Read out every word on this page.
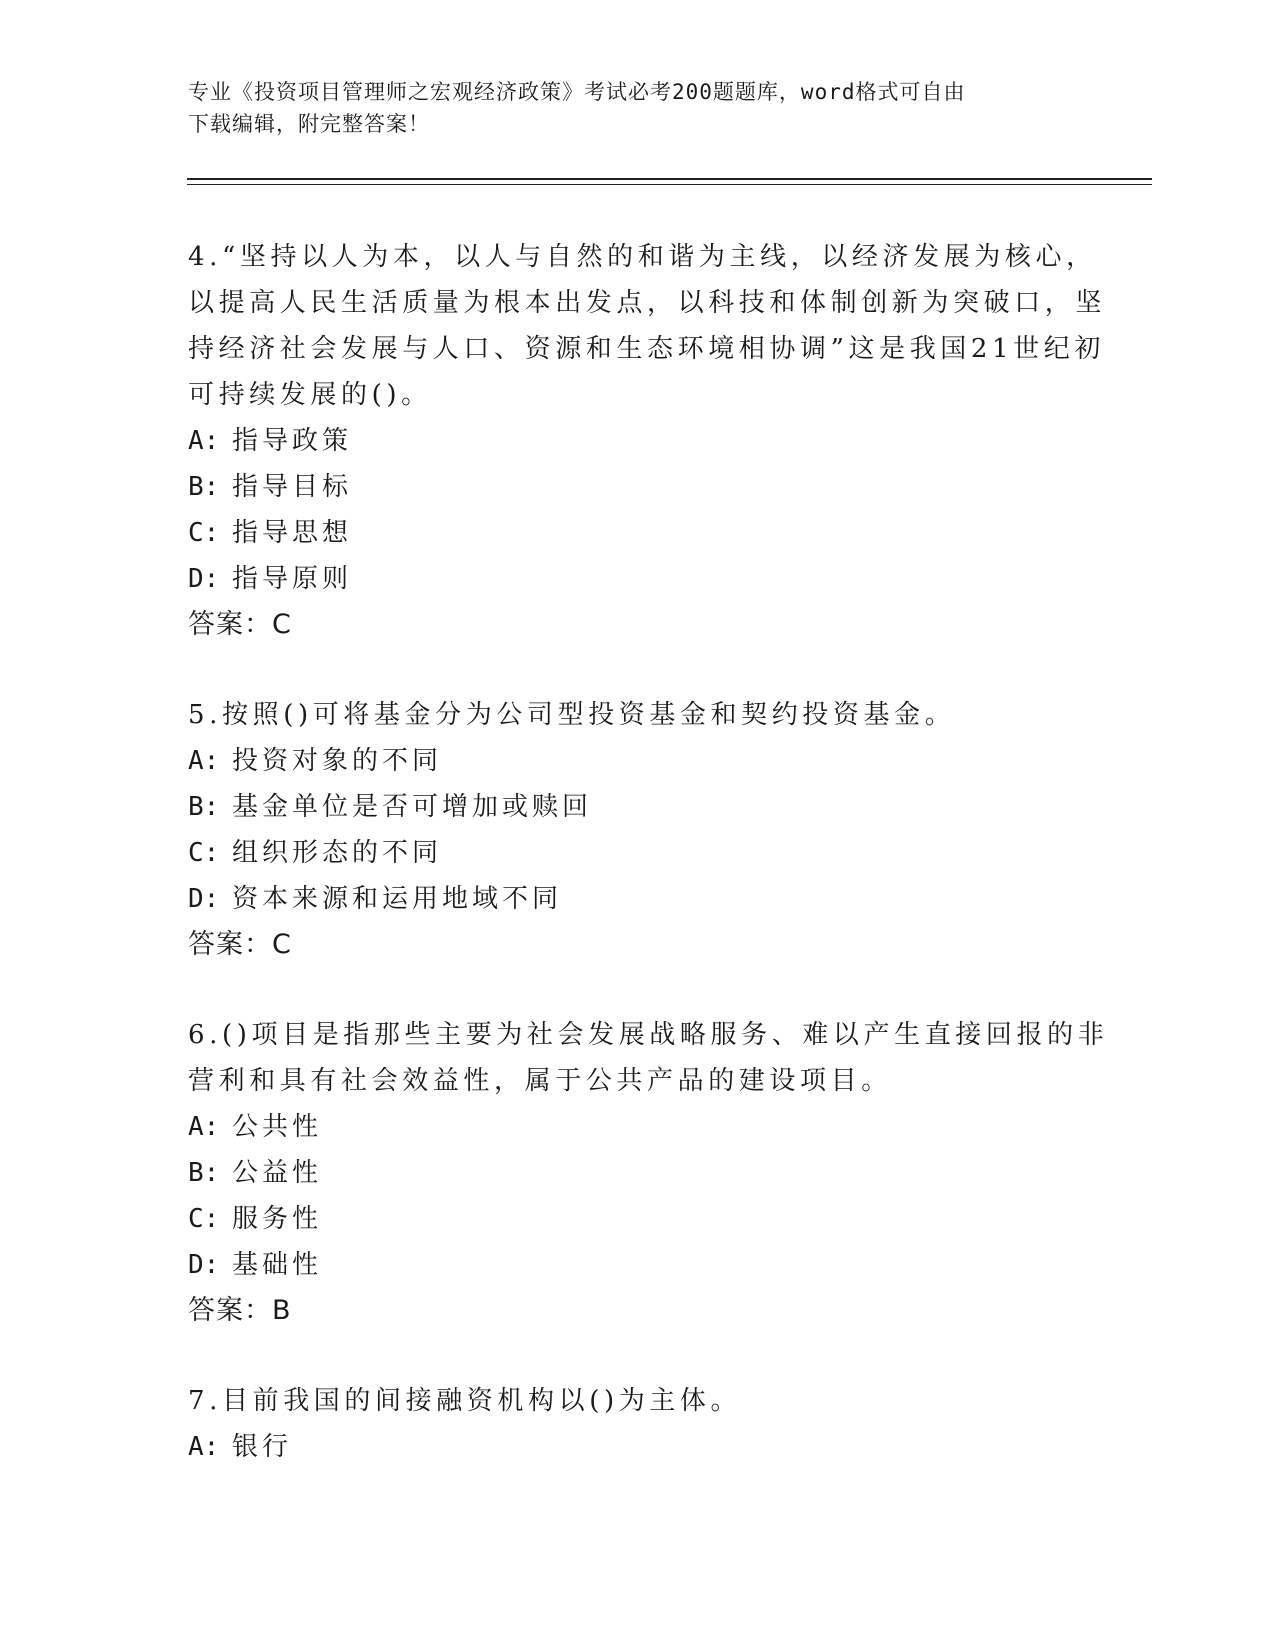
专业《投资项目管理师之宏观经济政策》考试必考200题题库，word格式可自由
下载编辑，附完整答案！
4.“坚持以人为本，以人与自然的和谐为主线，以经济发展为核心，
以提高人民生活质量为根本出发点，以科技和体制创新为突破口，坚
持经济社会发展与人口、资源和生态环境相协调”这是我国21世纪初
可持续发展的()。
A: 指导政策
B: 指导目标
C: 指导思想
D: 指导原则
答案：C
5.按照()可将基金分为公司型投资基金和契约投资基金。
A: 投资对象的不同
B: 基金单位是否可增加或赎回
C: 组织形态的不同
D: 资本来源和运用地域不同
答案：C
6.()项目是指那些主要为社会发展战略服务、难以产生直接回报的非
营利和具有社会效益性，属于公共产品的建设项目。
A: 公共性
B: 公益性
C: 服务性
D: 基础性
答案：B
7.目前我国的间接融资机构以()为主体。
A: 银行
